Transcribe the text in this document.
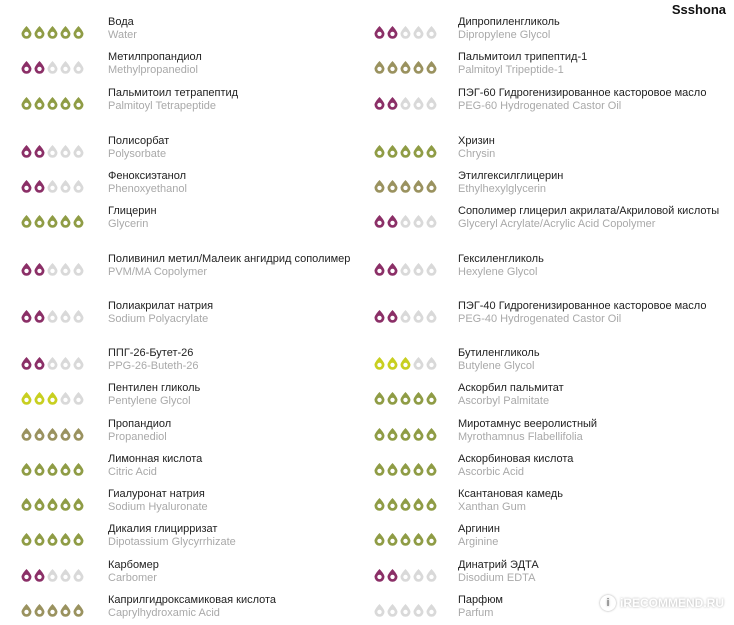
Вода
Water
Метилпропандиол
Methylpropanediol
Пальмитоил тетрапептид
Palmitoyl Tetrapeptide
Полисорбат
Polysorbate
Феноксиэтанол
Phenoxyethanol
Глицерин
Glycerin
Поливинил метил/Малеик ангидрид сополимер
PVM/MA Copolymer
Полиакрилат натрия
Sodium Polyacrylate
ППГ-26-Бутет-26
PPG-26-Buteth-26
Пентилен гликоль
Pentylene Glycol
Пропандиол
Propanediol
Лимонная кислота
Citric Acid
Гиалуронат натрия
Sodium Hyaluronate
Дикалия глицирризат
Dipotassium Glycyrrhizate
Карбомер
Carbomer
Каприлгидроксамиковая кислота
Caprylhydroxamic Acid
Дипропиленгликоль
Dipropylene Glycol
Пальмитоил трипептид-1
Palmitoyl Tripeptide-1
ПЭГ-60 Гидрогенизированное касторовое масло
PEG-60 Hydrogenated Castor Oil
Хризин
Chrysin
Этилгексилглицерин
Ethylhexylglycerin
Сополимер глицерил акрилата/Акриловой кислоты
Glyceryl Acrylate/Acrylic Acid Copolymer
Гексиленгликоль
Hexylene Glycol
ПЭГ-40 Гидрогенизированное касторовое масло
PEG-40 Hydrogenated Castor Oil
Бутиленгликоль
Butylene Glycol
Аскорбил пальмитат
Ascorbyl Palmitate
Миротамнус вееролистный
Myrothamnus Flabellifolia
Аскорбиновая кислота
Ascorbic Acid
Ксантановая камедь
Xanthan Gum
Аргинин
Arginine
Динатрий ЭДТА
Disodium EDTA
Парфюм
Parfum
Ssshona
i iRECOMMEND.RU
